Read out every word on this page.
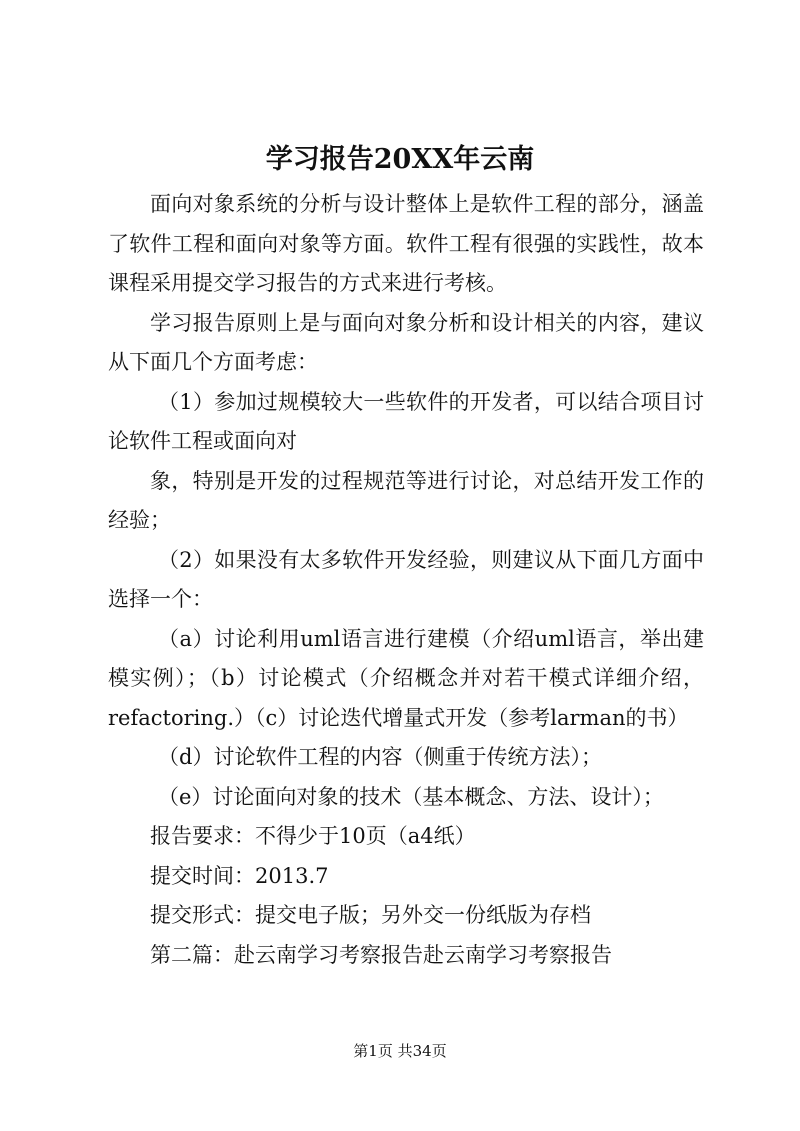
学习报告20XX年云南

面向对象系统的分析与设计整体上是软件工程的部分，涵盖了软件工程和面向对象等方面。软件工程有很强的实践性，故本课程采用提交学习报告的方式来进行考核。

学习报告原则上是与面向对象分析和设计相关的内容，建议从下面几个方面考虑：

（1）参加过规模较大一些软件的开发者，可以结合项目讨论软件工程或面向对

象，特别是开发的过程规范等进行讨论，对总结开发工作的经验；

（2）如果没有太多软件开发经验，则建议从下面几方面中选择一个：

（a）讨论利用uml语言进行建模（介绍uml语言，举出建模实例）；（b）讨论模式（介绍概念并对若干模式详细介绍，refactoring.）（c）讨论迭代增量式开发（参考larman的书）

（d）讨论软件工程的内容（侧重于传统方法）；

（e）讨论面向对象的技术（基本概念、方法、设计）；

报告要求：不得少于10页（a4纸）

提交时间：2013.7

提交形式：提交电子版；另外交一份纸版为存档

第二篇：赴云南学习考察报告赴云南学习考察报告

第1页 共34页
